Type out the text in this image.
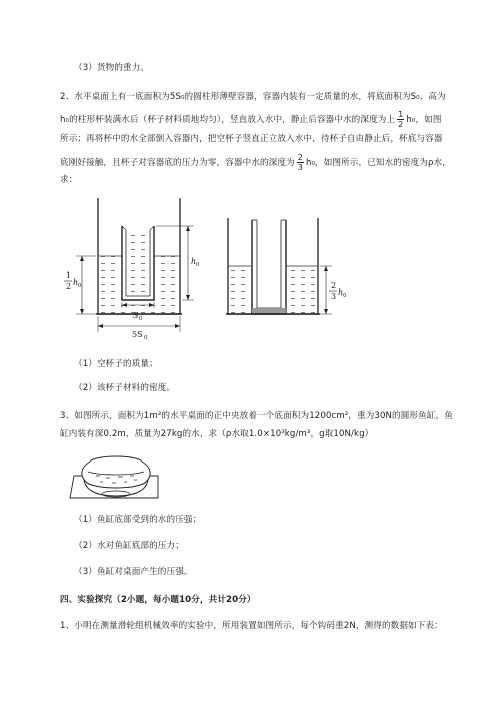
（3）货物的重力。
2、水平桌面上有一底面积为5S₀的圆柱形薄壁容器，容器内装有一定质量的水，将底面积为S₀、高为
h₀的柱形杯装满水后（杯子材料质地均匀），竖直放入水中，静止后容器中水的深度为上 $\frac{1}{2} h_0$，如图
所示；再将杯中的水全部倒入容器内，把空杯子竖直正立放入水中，待杯子自由静止后，杯底与容器
底刚好接触，且杯子对容器底的压力为零，容器中水的深度为 $\frac{2}{3} h_0$，如图所示，已知水的密度为ρ水，
求：
1
2 h 0
h 0
S 0
5S 0
2
3 h 0
（1）空杯子的质量；
（2）该杯子材料的密度。
3、如图所示，面积为1m²的水平桌面的正中央放着一个底面积为1200cm²，重为30N的圆形鱼缸，鱼
缸内装有深0.2m，质量为27kg的水，求（ρ水取1.0×10³kg/m³，g取10N/kg）
（1）鱼缸底部受到的水的压强；
（2）水对鱼缸底部的压力；
（3）鱼缸对桌面产生的压强。
四、实验探究（2小题，每小题10分，共计20分）
1、小明在测量滑轮组机械效率的实验中，所用装置如图所示，每个钩码重2N，测得的数据如下表：
